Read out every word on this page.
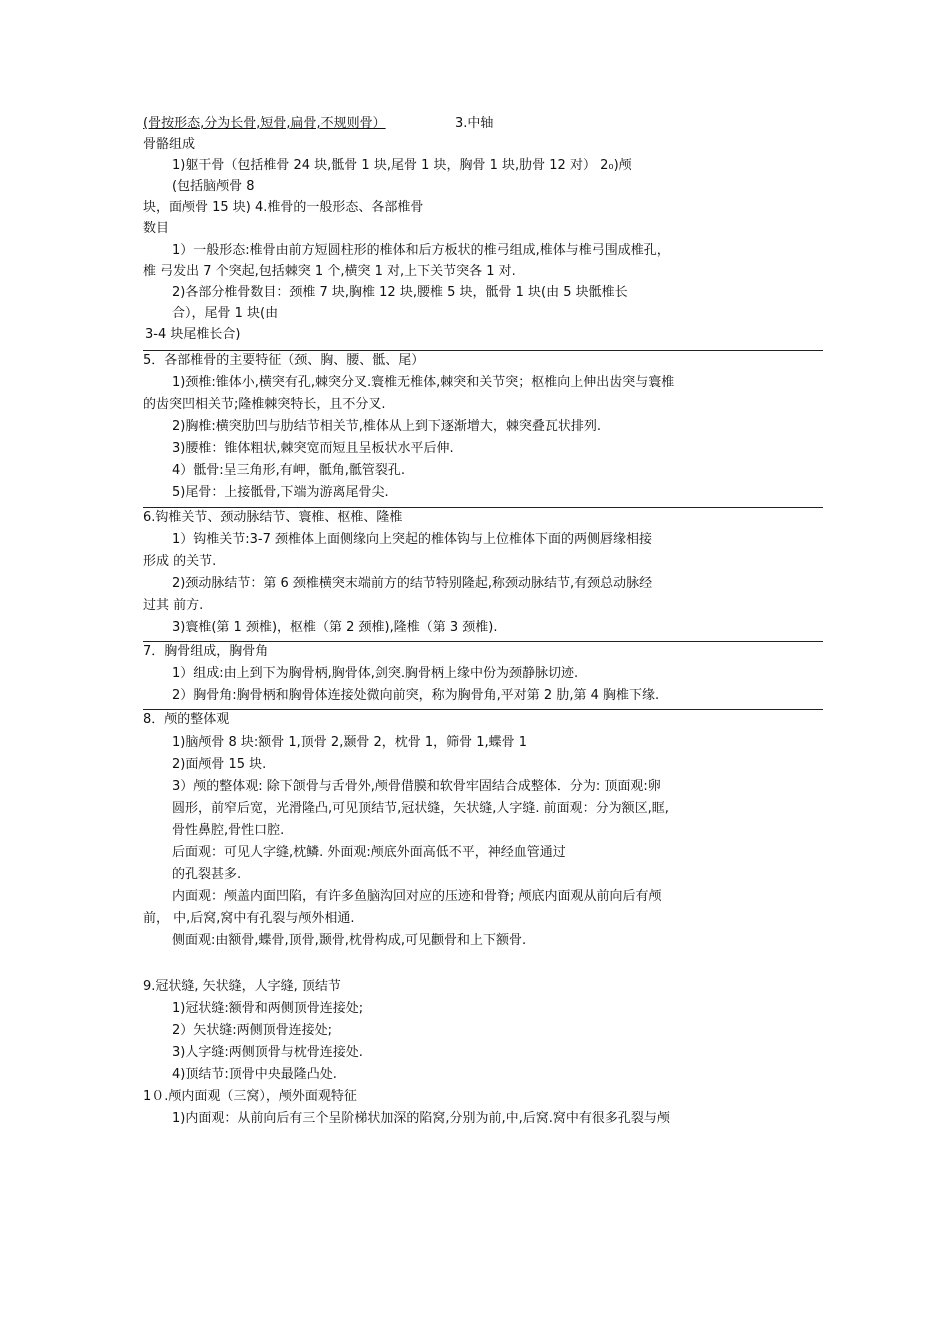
(骨按形态,分为长骨,短骨,扁骨,不规则骨）	3.中轴
骨骼组成
1)躯干骨（包括椎骨 24 块,骶骨 1 块,尾骨 1 块，胸骨 1 块,肋骨 12 对） 2₀)颅
(包括脑颅骨 8
块，面颅骨 15 块) 4.椎骨的一般形态、各部椎骨
数目
1）一般形态:椎骨由前方短圆柱形的椎体和后方板状的椎弓组成,椎体与椎弓围成椎孔，
椎 弓发出 7 个突起,包括棘突 1 个,横突 1 对,上下关节突各 1 对.
2)各部分椎骨数目：颈椎 7 块,胸椎 12 块,腰椎 5 块，骶骨 1 块(由 5 块骶椎长
合），尾骨 1 块(由
3-4 块尾椎长合)
5．各部椎骨的主要特征（颈、胸、腰、骶、尾）
1)颈椎:锥体小,横突有孔,棘突分叉.寰椎无椎体,棘突和关节突；枢椎向上伸出齿突与寰椎
的齿突凹相关节;隆椎棘突特长，且不分叉.
2)胸椎:横突肋凹与肋结节相关节,椎体从上到下逐渐增大，棘突叠瓦状排列.
3)腰椎：锥体粗状,棘突宽而短且呈板状水平后伸.
4）骶骨:呈三角形,有岬，骶角,骶管裂孔.
5)尾骨：上接骶骨,下端为游离尾骨尖.
6.钩椎关节、颈动脉结节、寰椎、枢椎、隆椎
1）钩椎关节:3-7 颈椎体上面侧缘向上突起的椎体钩与上位椎体下面的两侧唇缘相接
形成 的关节.
2)颈动脉结节：第 6 颈椎横突末端前方的结节特别隆起,称颈动脉结节,有颈总动脉经
过其 前方.
3)寰椎(第 1 颈椎)，枢椎（第 2 颈椎),隆椎（第 3 颈椎).
7．胸骨组成，胸骨角
1）组成:由上到下为胸骨柄,胸骨体,剑突.胸骨柄上缘中份为颈静脉切迹.
2）胸骨角:胸骨柄和胸骨体连接处微向前突，称为胸骨角,平对第 2 肋,第 4 胸椎下缘.
8．颅的整体观
1)脑颅骨 8 块:额骨 1,顶骨 2,颞骨 2，枕骨 1，筛骨 1,蝶骨 1
2)面颅骨 15 块.
3）颅的整体观: 除下颌骨与舌骨外,颅骨借膜和软骨牢固结合成整体．分为: 顶面观:卵
圆形，前窄后宽，光滑隆凸,可见顶结节,冠状缝，矢状缝,人字缝. 前面观：分为额区,眶,
骨性鼻腔,骨性口腔.
后面观：可见人字缝,枕鳞. 外面观:颅底外面高低不平，神经血管通过
的孔裂甚多.
内面观：颅盖内面凹陷，有许多鱼脑沟回对应的压迹和骨脊; 颅底内面观从前向后有颅
前， 中,后窝,窝中有孔裂与颅外相通.
侧面观:由额骨,蝶骨,顶骨,颞骨,枕骨构成,可见颧骨和上下额骨.
9.冠状缝, 矢状缝，人字缝, 顶结节
1)冠状缝:额骨和两侧顶骨连接处;
2）矢状缝:两侧顶骨连接处;
3)人字缝:两侧顶骨与枕骨连接处.
4)顶结节:顶骨中央最隆凸处.
1０.颅内面观（三窝），颅外面观特征
1)内面观：从前向后有三个呈阶梯状加深的陷窝,分别为前,中,后窝.窝中有很多孔裂与颅
